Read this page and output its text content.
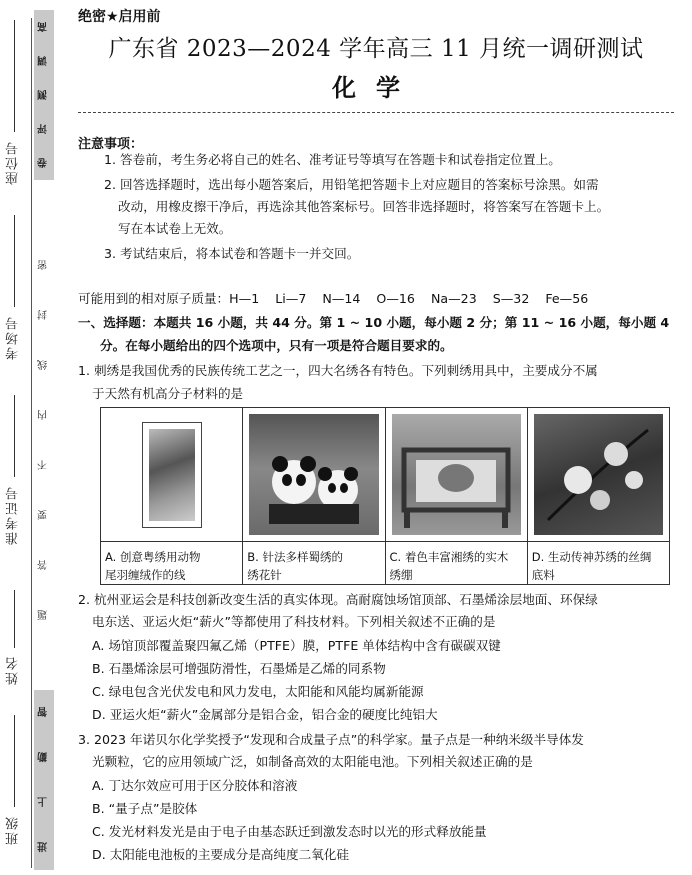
卷
评
测
调
高
题
答
要
不
内
线
封
密
进
上
勤
智
座位号
考场号
准考证号
姓名
班级
绝密★启用前
广东省 2023—2024 学年高三 11 月统一调研测试
化学
注意事项：
1. 答卷前，考生务必将自己的姓名、准考证号等填写在答题卡和试卷指定位置上。
2. 回答选择题时，选出每小题答案后，用铅笔把答题卡上对应题目的答案标号涂黑。如需
改动，用橡皮擦干净后，再选涂其他答案标号。回答非选择题时，将答案写在答题卡上。
写在本试卷上无效。
3. 考试结束后，将本试卷和答题卡一并交回。
可能用到的相对原子质量：H—1    Li—7    N—14    O—16    Na—23    S—32    Fe—56
一、选择题：本题共 16 小题，共 44 分。第 1 ~ 10 小题，每小题 2 分；第 11 ~ 16 小题，每小题 4
分。在每小题给出的四个选项中，只有一项是符合题目要求的。
1. 刺绣是我国优秀的民族传统工艺之一，四大名绣各有特色。下列刺绣用具中，主要成分不属
于天然有机高分子材料的是
A. 创意粤绣用动物
尾羽缠绒作的线
B. 针法多样蜀绣的
绣花针
C. 着色丰富湘绣的实木
绣绷
D. 生动传神苏绣的丝绸
底料
2. 杭州亚运会是科技创新改变生活的真实体现。高耐腐蚀场馆顶部、石墨烯涂层地面、环保绿
电东送、亚运火炬“薪火”等都使用了科技材料。下列相关叙述不正确的是
A. 场馆顶部覆盖聚四氟乙烯（PTFE）膜，PTFE 单体结构中含有碳碳双键
B. 石墨烯涂层可增强防滑性，石墨烯是乙烯的同系物
C. 绿电包含光伏发电和风力发电，太阳能和风能均属新能源
D. 亚运火炬“薪火”金属部分是铝合金，铝合金的硬度比纯铝大
3. 2023 年诺贝尔化学奖授予“发现和合成量子点”的科学家。量子点是一种纳米级半导体发
光颗粒，它的应用领域广泛，如制备高效的太阳能电池。下列相关叙述正确的是
A. 丁达尔效应可用于区分胶体和溶液
B. “量子点”是胶体
C. 发光材料发光是由于电子由基态跃迁到激发态时以光的形式释放能量
D. 太阳能电池板的主要成分是高纯度二氧化硅
